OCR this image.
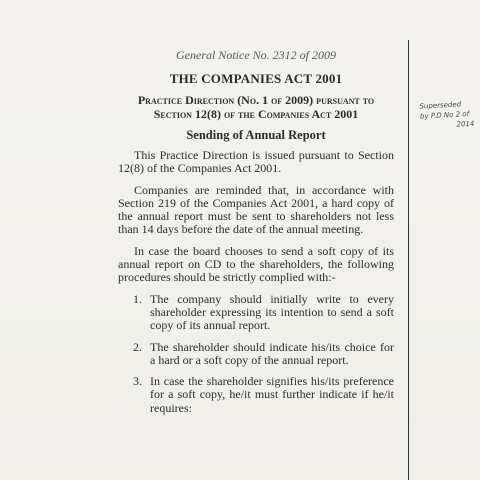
General Notice No. 2312 of 2009
THE COMPANIES ACT 2001
Practice Direction (No. 1 of 2009) pursuant to Section 12(8) of the Companies Act 2001
Sending of Annual Report

This Practice Direction is issued pursuant to Section 12(8) of the Companies Act 2001.

Companies are reminded that, in accordance with Section 219 of the Companies Act 2001, a hard copy of the annual report must be sent to shareholders not less than 14 days before the date of the annual meeting.

In case the board chooses to send a soft copy of its annual report on CD to the shareholders, the following procedures should be strictly complied with:-

1. The company should initially write to every shareholder expressing its intention to send a soft copy of its annual report.
2. The shareholder should indicate his/its choice for a hard or a soft copy of the annual report.
3. In case the shareholder signifies his/its preference for a soft copy, he/it must further indicate if he/it requires:
Superseded
by P.D No 2 of
2014
